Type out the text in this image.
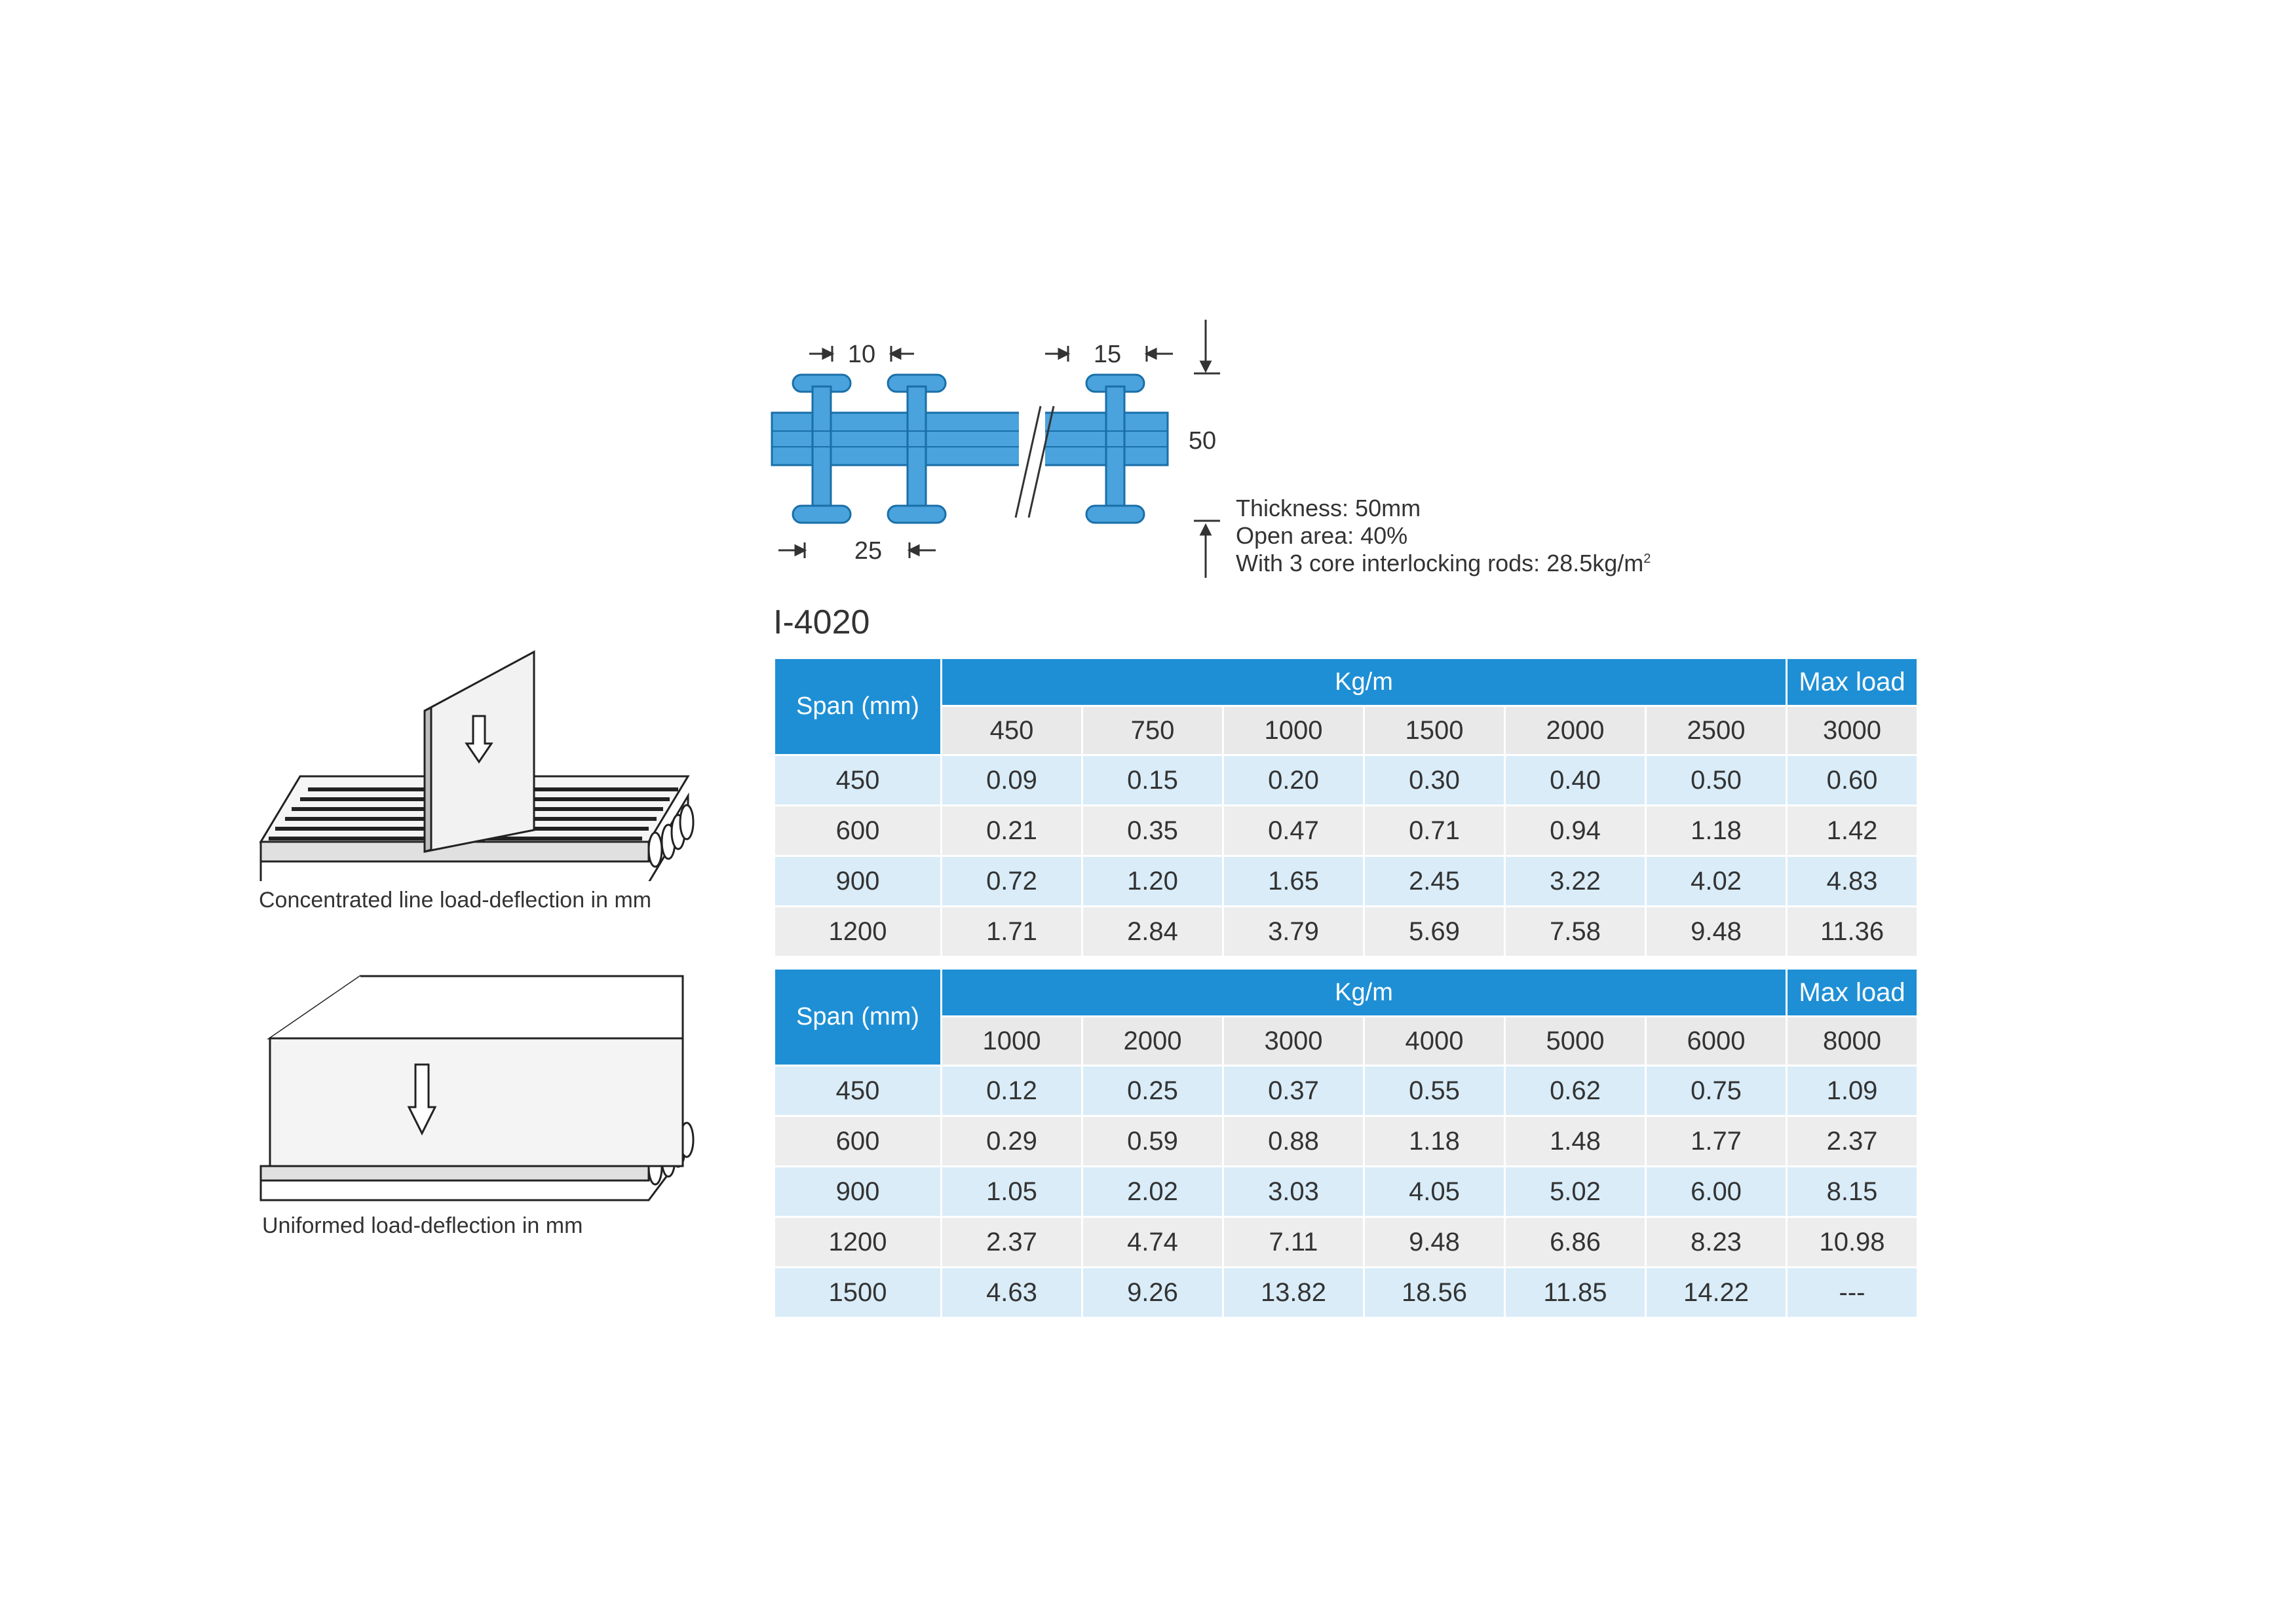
10	15
50
25
Thickness: 50mm
Open area: 40%
With 3 core interlocking rods: $28.5kg/m^2$
I-4020
Concentrated line load-deflection in mm
Uniformed load-deflection in mm
Span (mm)	Kg/m						Max load
	450	750	1000	1500	2000	2500	3000
450	0.09	0.15	0.20	0.30	0.40	0.50	0.60
600	0.21	0.35	0.47	0.71	0.94	1.18	1.42
900	0.72	1.20	1.65	2.45	3.22	4.02	4.83
1200	1.71	2.84	3.79	5.69	7.58	9.48	11.36
Span (mm)	Kg/m						Max load
	1000	2000	3000	4000	5000	6000	8000
450	0.12	0.25	0.37	0.55	0.62	0.75	1.09
600	0.29	0.59	0.88	1.18	1.48	1.77	2.37
900	1.05	2.02	3.03	4.05	5.02	6.00	8.15
1200	2.37	4.74	7.11	9.48	6.86	8.23	10.98
1500	4.63	9.26	13.82	18.56	11.85	14.22	---
